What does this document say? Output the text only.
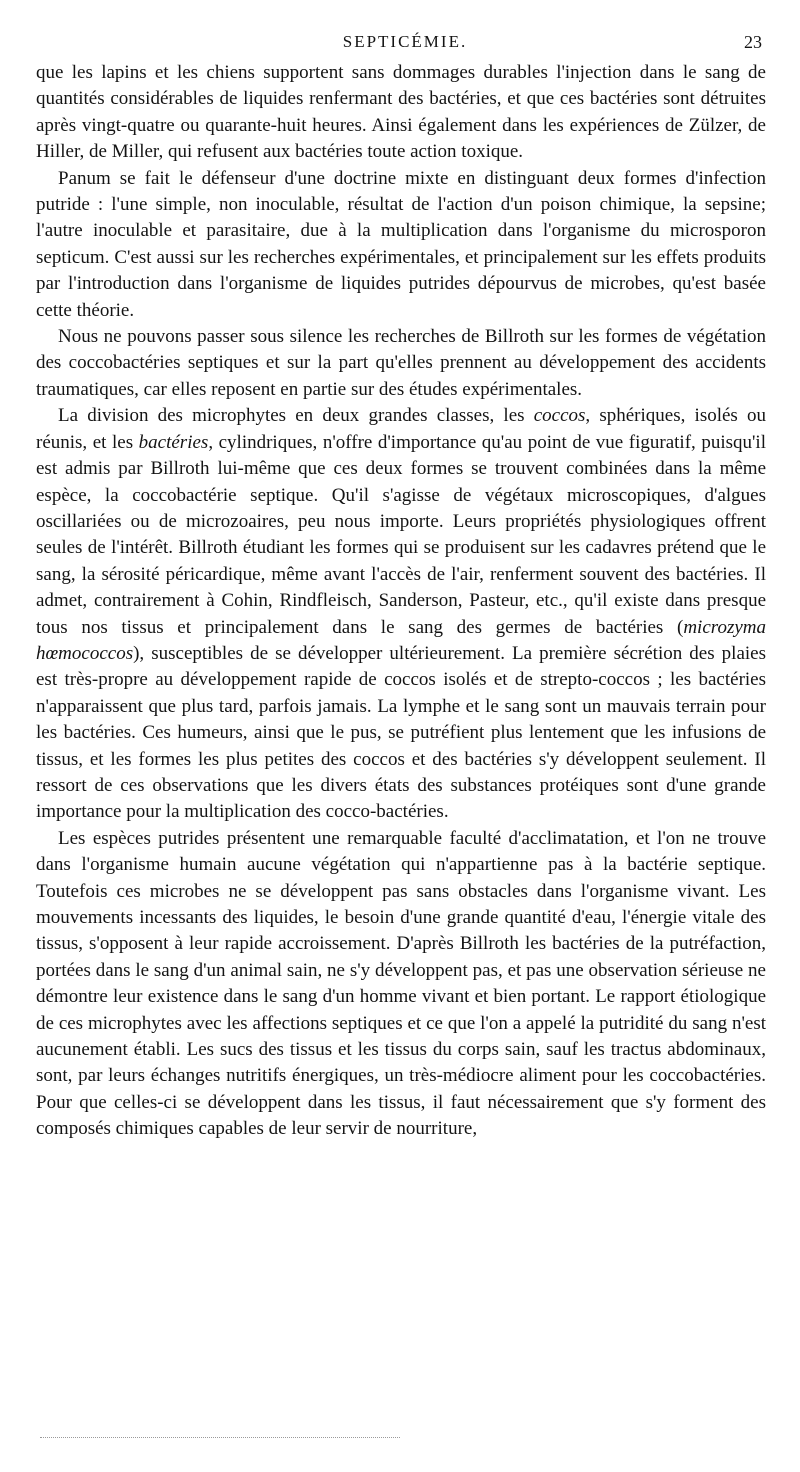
SEPTICÉMIE.	23

que les lapins et les chiens supportent sans dommages durables l'injection dans le sang de quantités considérables de liquides renfermant des bactéries, et que ces bactéries sont détruites après vingt-quatre ou quarante-huit heures. Ainsi également dans les expériences de Zülzer, de Hiller, de Miller, qui refusent aux bactéries toute action toxique.

Panum se fait le défenseur d'une doctrine mixte en distinguant deux formes d'infection putride : l'une simple, non inoculable, résultat de l'action d'un poison chimique, la sepsine; l'autre inoculable et parasitaire, due à la multiplication dans l'organisme du microsporon septicum. C'est aussi sur les recherches expérimentales, et principalement sur les effets produits par l'introduction dans l'organisme de liquides putrides dépourvus de microbes, qu'est basée cette théorie.

Nous ne pouvons passer sous silence les recherches de Billroth sur les formes de végétation des coccobactéries septiques et sur la part qu'elles prennent au développement des accidents traumatiques, car elles reposent en partie sur des études expérimentales.

La division des microphytes en deux grandes classes, les coccos, sphériques, isolés ou réunis, et les bactéries, cylindriques, n'offre d'importance qu'au point de vue figuratif, puisqu'il est admis par Billroth lui-même que ces deux formes se trouvent combinées dans la même espèce, la coccobactérie septique. Qu'il s'agisse de végétaux microscopiques, d'algues oscillariées ou de microzoaires, peu nous importe. Leurs propriétés physiologiques offrent seules de l'intérêt. Billroth étudiant les formes qui se produisent sur les cadavres prétend que le sang, la sérosité péricardique, même avant l'accès de l'air, renferment souvent des bactéries. Il admet, contrairement à Cohin, Rindfleisch, Sanderson, Pasteur, etc., qu'il existe dans presque tous nos tissus et principalement dans le sang des germes de bactéries (microzyma hœmococcos), susceptibles de se développer ultérieurement. La première sécrétion des plaies est très-propre au développement rapide de coccos isolés et de strepto-coccos ; les bactéries n'apparaissent que plus tard, parfois jamais. La lymphe et le sang sont un mauvais terrain pour les bactéries. Ces humeurs, ainsi que le pus, se putréfient plus lentement que les infusions de tissus, et les formes les plus petites des coccos et des bactéries s'y développent seulement. Il ressort de ces observations que les divers états des substances protéiques sont d'une grande importance pour la multiplication des cocco-bactéries.

Les espèces putrides présentent une remarquable faculté d'acclimatation, et l'on ne trouve dans l'organisme humain aucune végétation qui n'appartienne pas à la bactérie septique. Toutefois ces microbes ne se développent pas sans obstacles dans l'organisme vivant. Les mouvements incessants des liquides, le besoin d'une grande quantité d'eau, l'énergie vitale des tissus, s'opposent à leur rapide accroissement. D'après Billroth les bactéries de la putréfaction, portées dans le sang d'un animal sain, ne s'y développent pas, et pas une observation sérieuse ne démontre leur existence dans le sang d'un homme vivant et bien portant. Le rapport étiologique de ces microphytes avec les affections septiques et ce que l'on a appelé la putridité du sang n'est aucunement établi. Les sucs des tissus et les tissus du corps sain, sauf les tractus abdominaux, sont, par leurs échanges nutritifs énergiques, un très-médiocre aliment pour les coccobactéries. Pour que celles-ci se développent dans les tissus, il faut nécessairement que s'y forment des composés chimiques capables de leur servir de nourriture,
